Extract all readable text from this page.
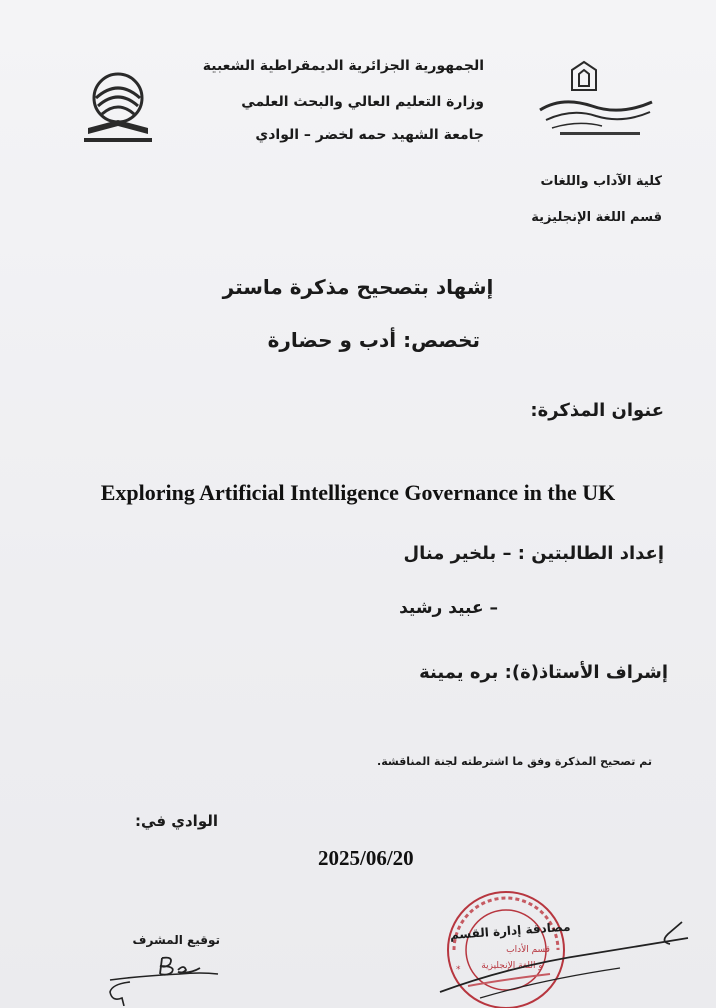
الجمهورية الجزائرية الديمقراطية الشعبية
وزارة التعليم العالي والبحث العلمي
جامعة الشهيد حمه لخضر – الوادي
كلية الآداب واللغات
قسم اللغة الإنجليزية
إشهاد بتصحيح مذكرة ماستر
تخصص: أدب و حضارة
عنوان المذكرة:
Exploring Artificial Intelligence Governance in the UK
إعداد الطالبتين : – بلخير منال
– عبيد رشيد
إشراف الأستاذ(ة): بره يمينة
تم تصحيح المذكرة وفق ما اشترطته لجنة المناقشة.
الوادي في:
2025/06/20
توقيع المشرف
قسم الأداب
و اللغة الإنجليزية
*
مصادقة إدارة القسم
